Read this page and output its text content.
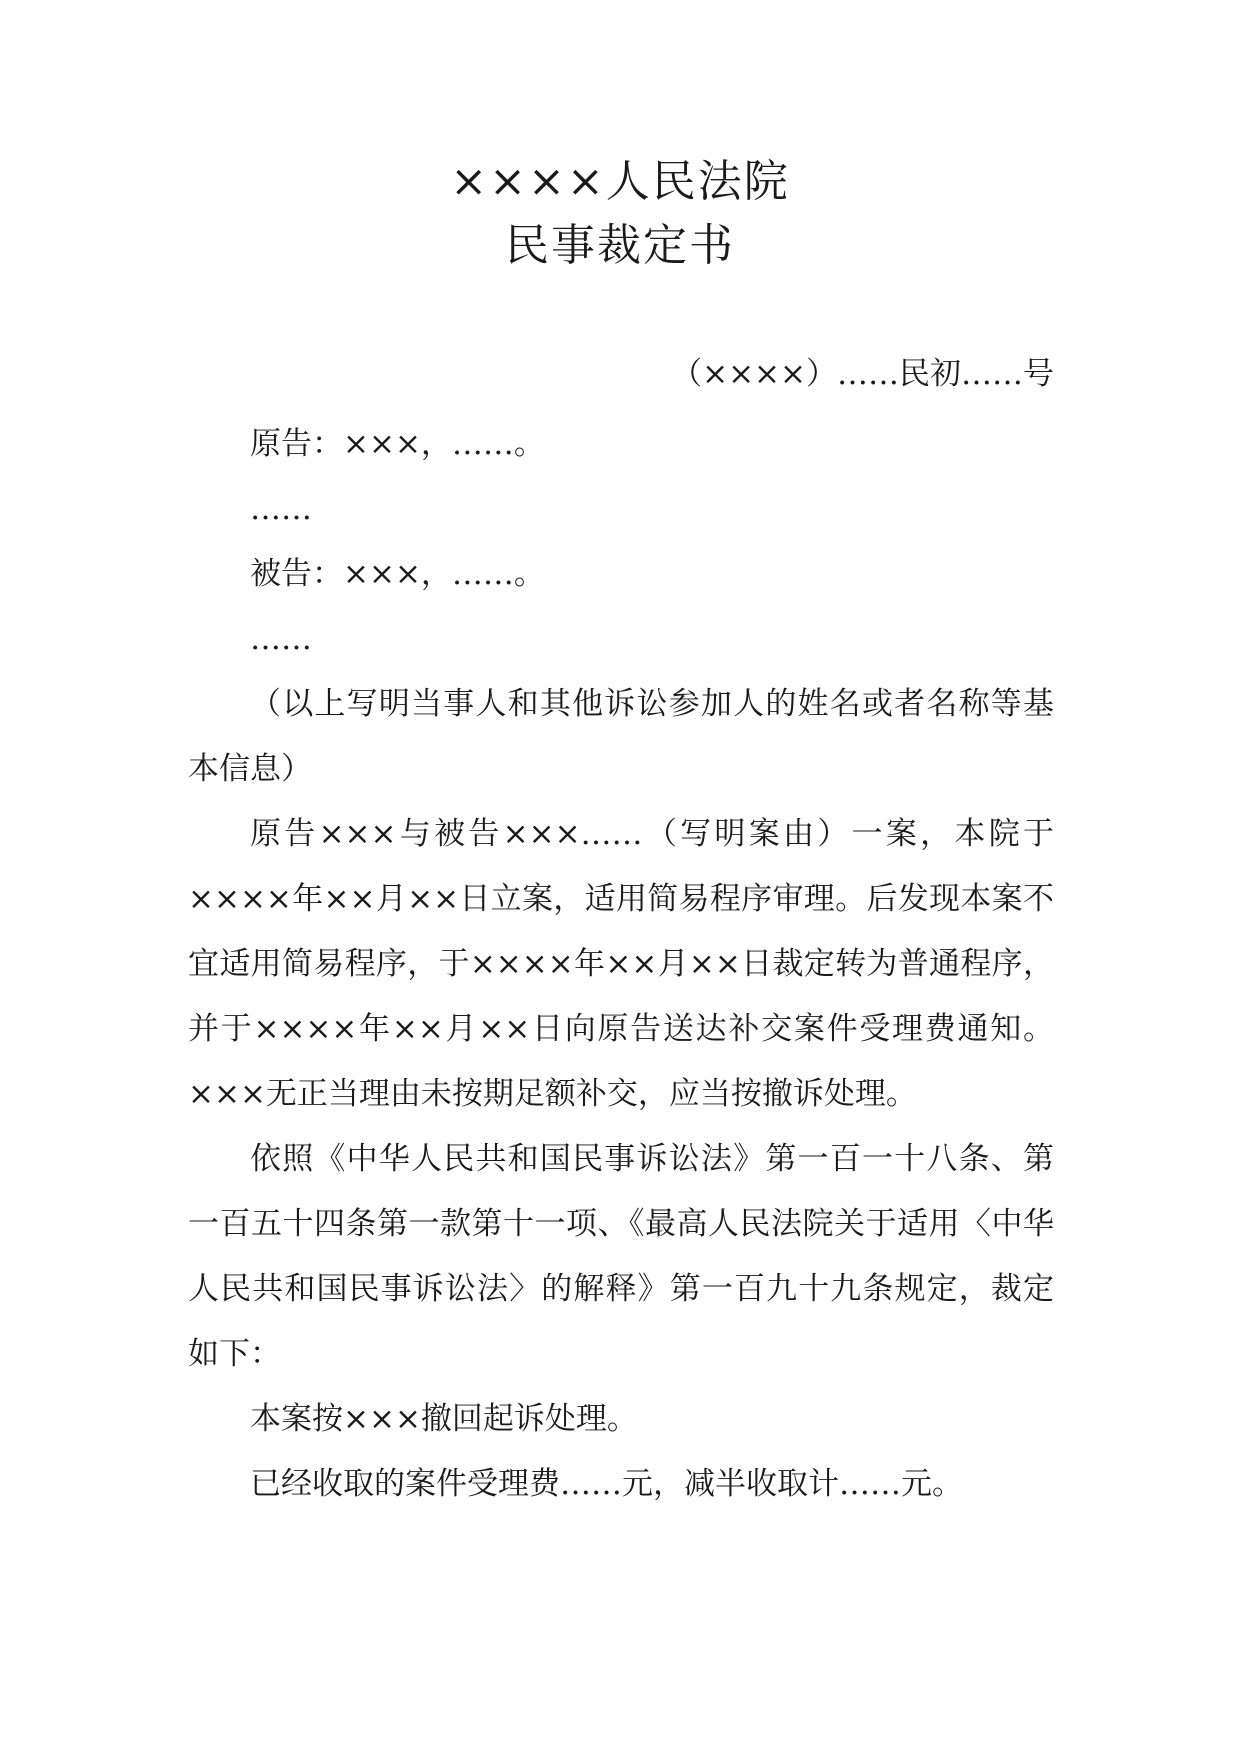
××××人民法院
民事裁定书
（××××）……民初……号

原告：×××，……。

……

被告：×××，……。

……

（以上写明当事人和其他诉讼参加人的姓名或者名称等基本信息）

原告×××与被告×××……（写明案由）一案，本院于××××年××月××日立案，适用简易程序审理。后发现本案不宜适用简易程序，于××××年××月××日裁定转为普通程序，并于××××年××月××日向原告送达补交案件受理费通知。×××无正当理由未按期足额补交，应当按撤诉处理。

依照《中华人民共和国民事诉讼法》第一百一十八条、第一百五十四条第一款第十一项、《最高人民法院关于适用〈中华人民共和国民事诉讼法〉的解释》第一百九十九条规定，裁定如下：

本案按×××撤回起诉处理。

已经收取的案件受理费……元，减半收取计……元。
